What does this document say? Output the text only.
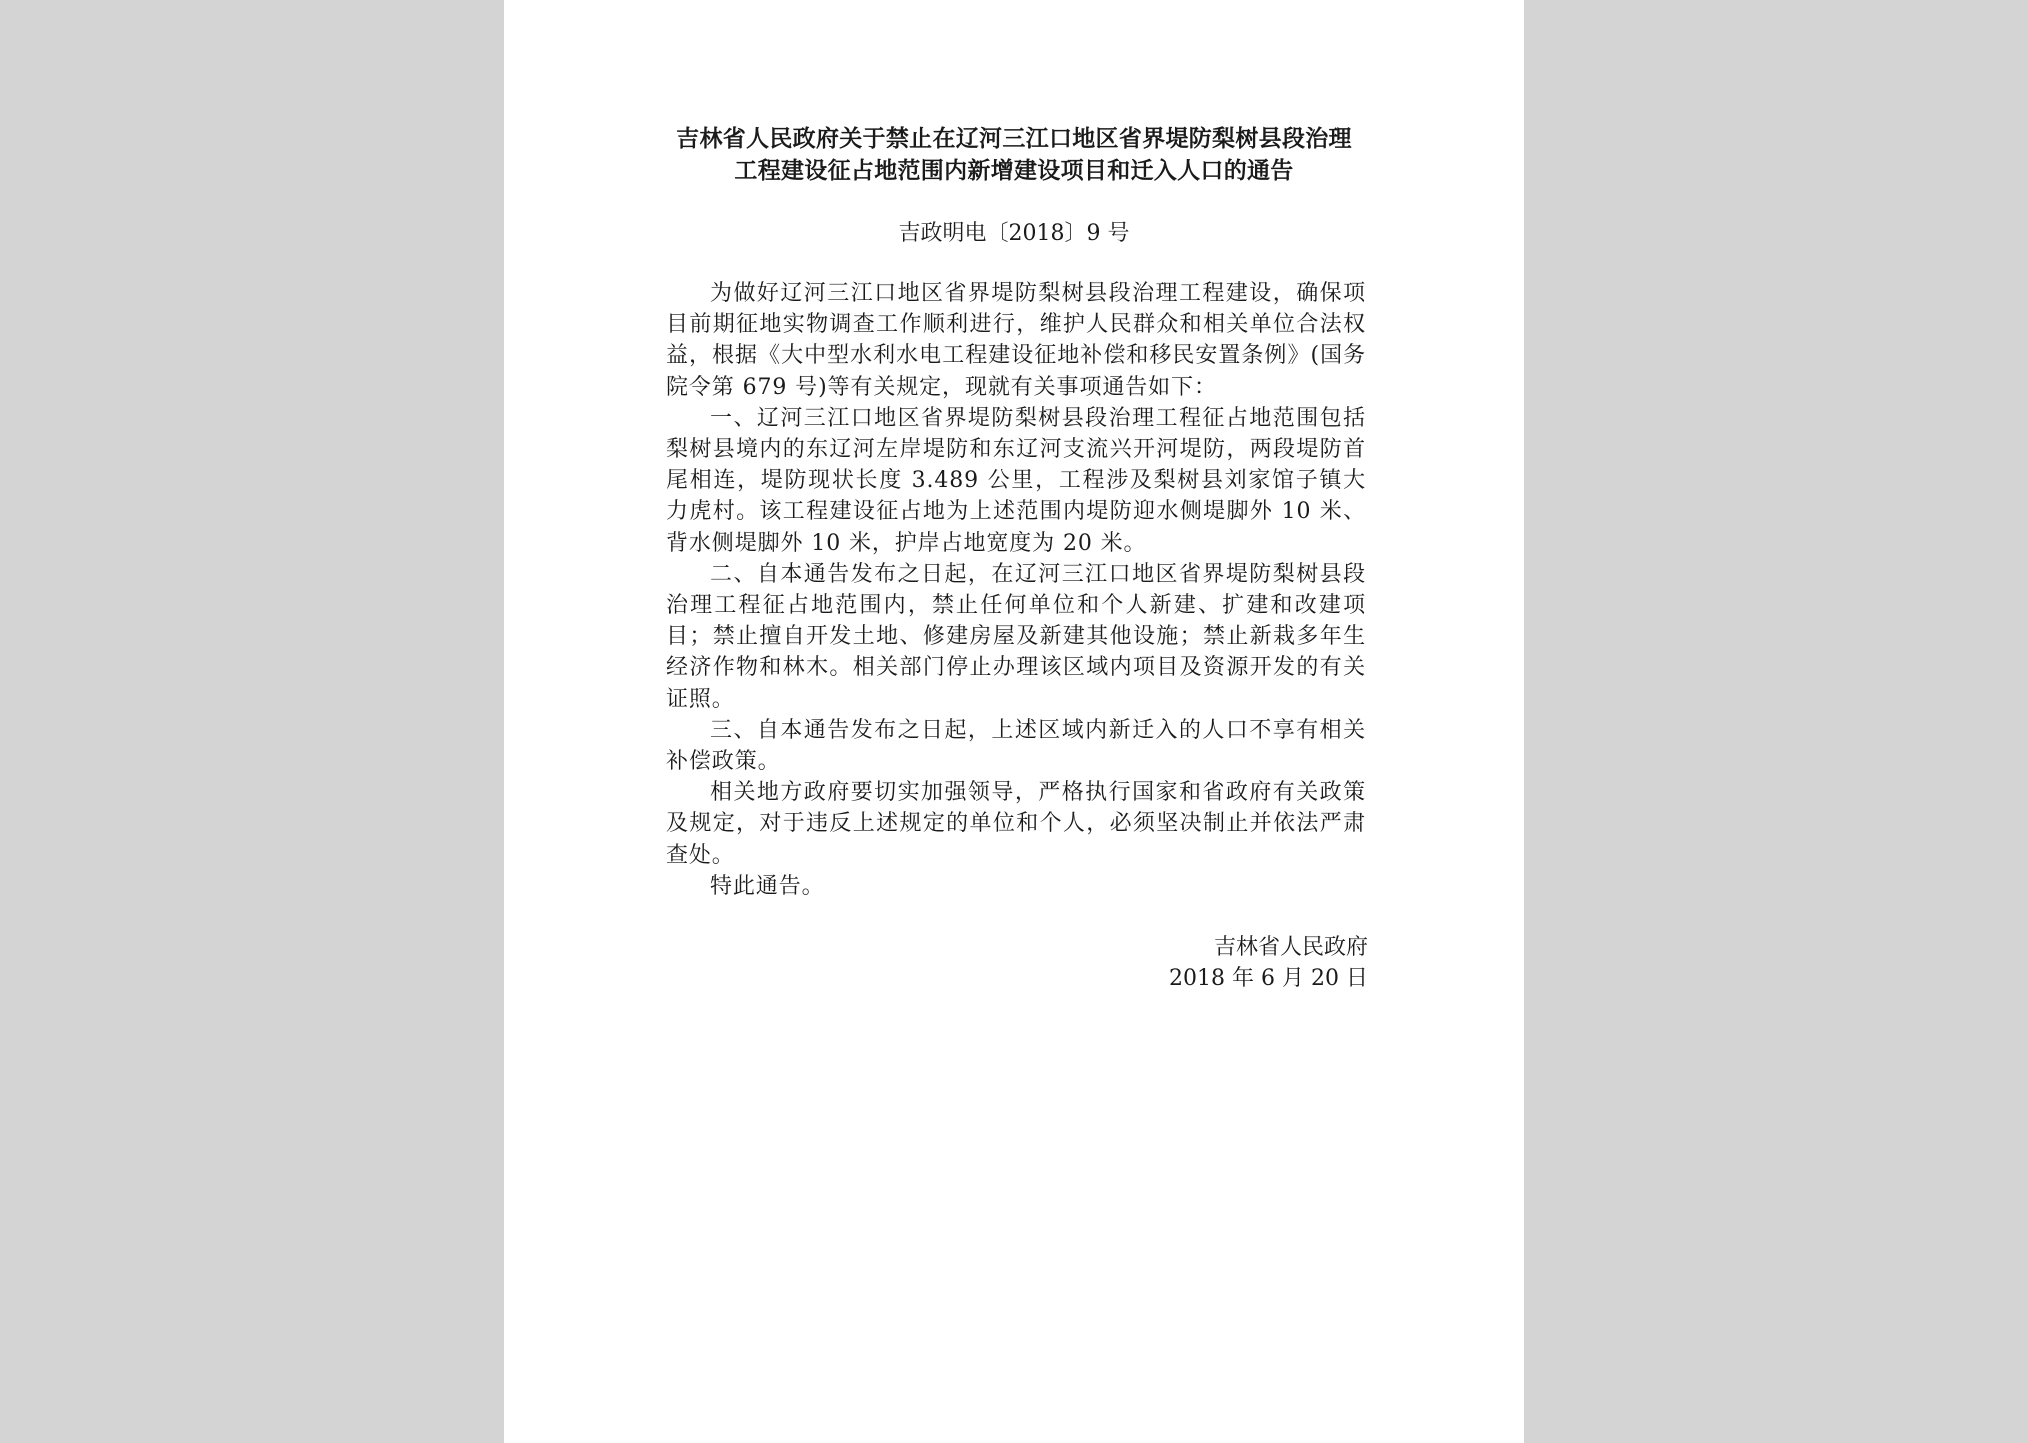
吉林省人民政府关于禁止在辽河三江口地区省界堤防梨树县段治理
工程建设征占地范围内新增建设项目和迁入人口的通告
吉政明电〔2018〕9 号

为做好辽河三江口地区省界堤防梨树县段治理工程建设，确保项目前期征地实物调查工作顺利进行，维护人民群众和相关单位合法权益，根据《大中型水利水电工程建设征地补偿和移民安置条例》(国务院令第 679 号)等有关规定，现就有关事项通告如下：

一、辽河三江口地区省界堤防梨树县段治理工程征占地范围包括梨树县境内的东辽河左岸堤防和东辽河支流兴开河堤防，两段堤防首尾相连，堤防现状长度 3.489 公里，工程涉及梨树县刘家馆子镇大力虎村。该工程建设征占地为上述范围内堤防迎水侧堤脚外 10 米、背水侧堤脚外 10 米，护岸占地宽度为 20 米。

二、自本通告发布之日起，在辽河三江口地区省界堤防梨树县段治理工程征占地范围内，禁止任何单位和个人新建、扩建和改建项目；禁止擅自开发土地、修建房屋及新建其他设施；禁止新栽多年生经济作物和林木。相关部门停止办理该区域内项目及资源开发的有关证照。

三、自本通告发布之日起，上述区域内新迁入的人口不享有相关补偿政策。

相关地方政府要切实加强领导，严格执行国家和省政府有关政策及规定，对于违反上述规定的单位和个人，必须坚决制止并依法严肃查处。

特此通告。

吉林省人民政府
2018 年 6 月 20 日
